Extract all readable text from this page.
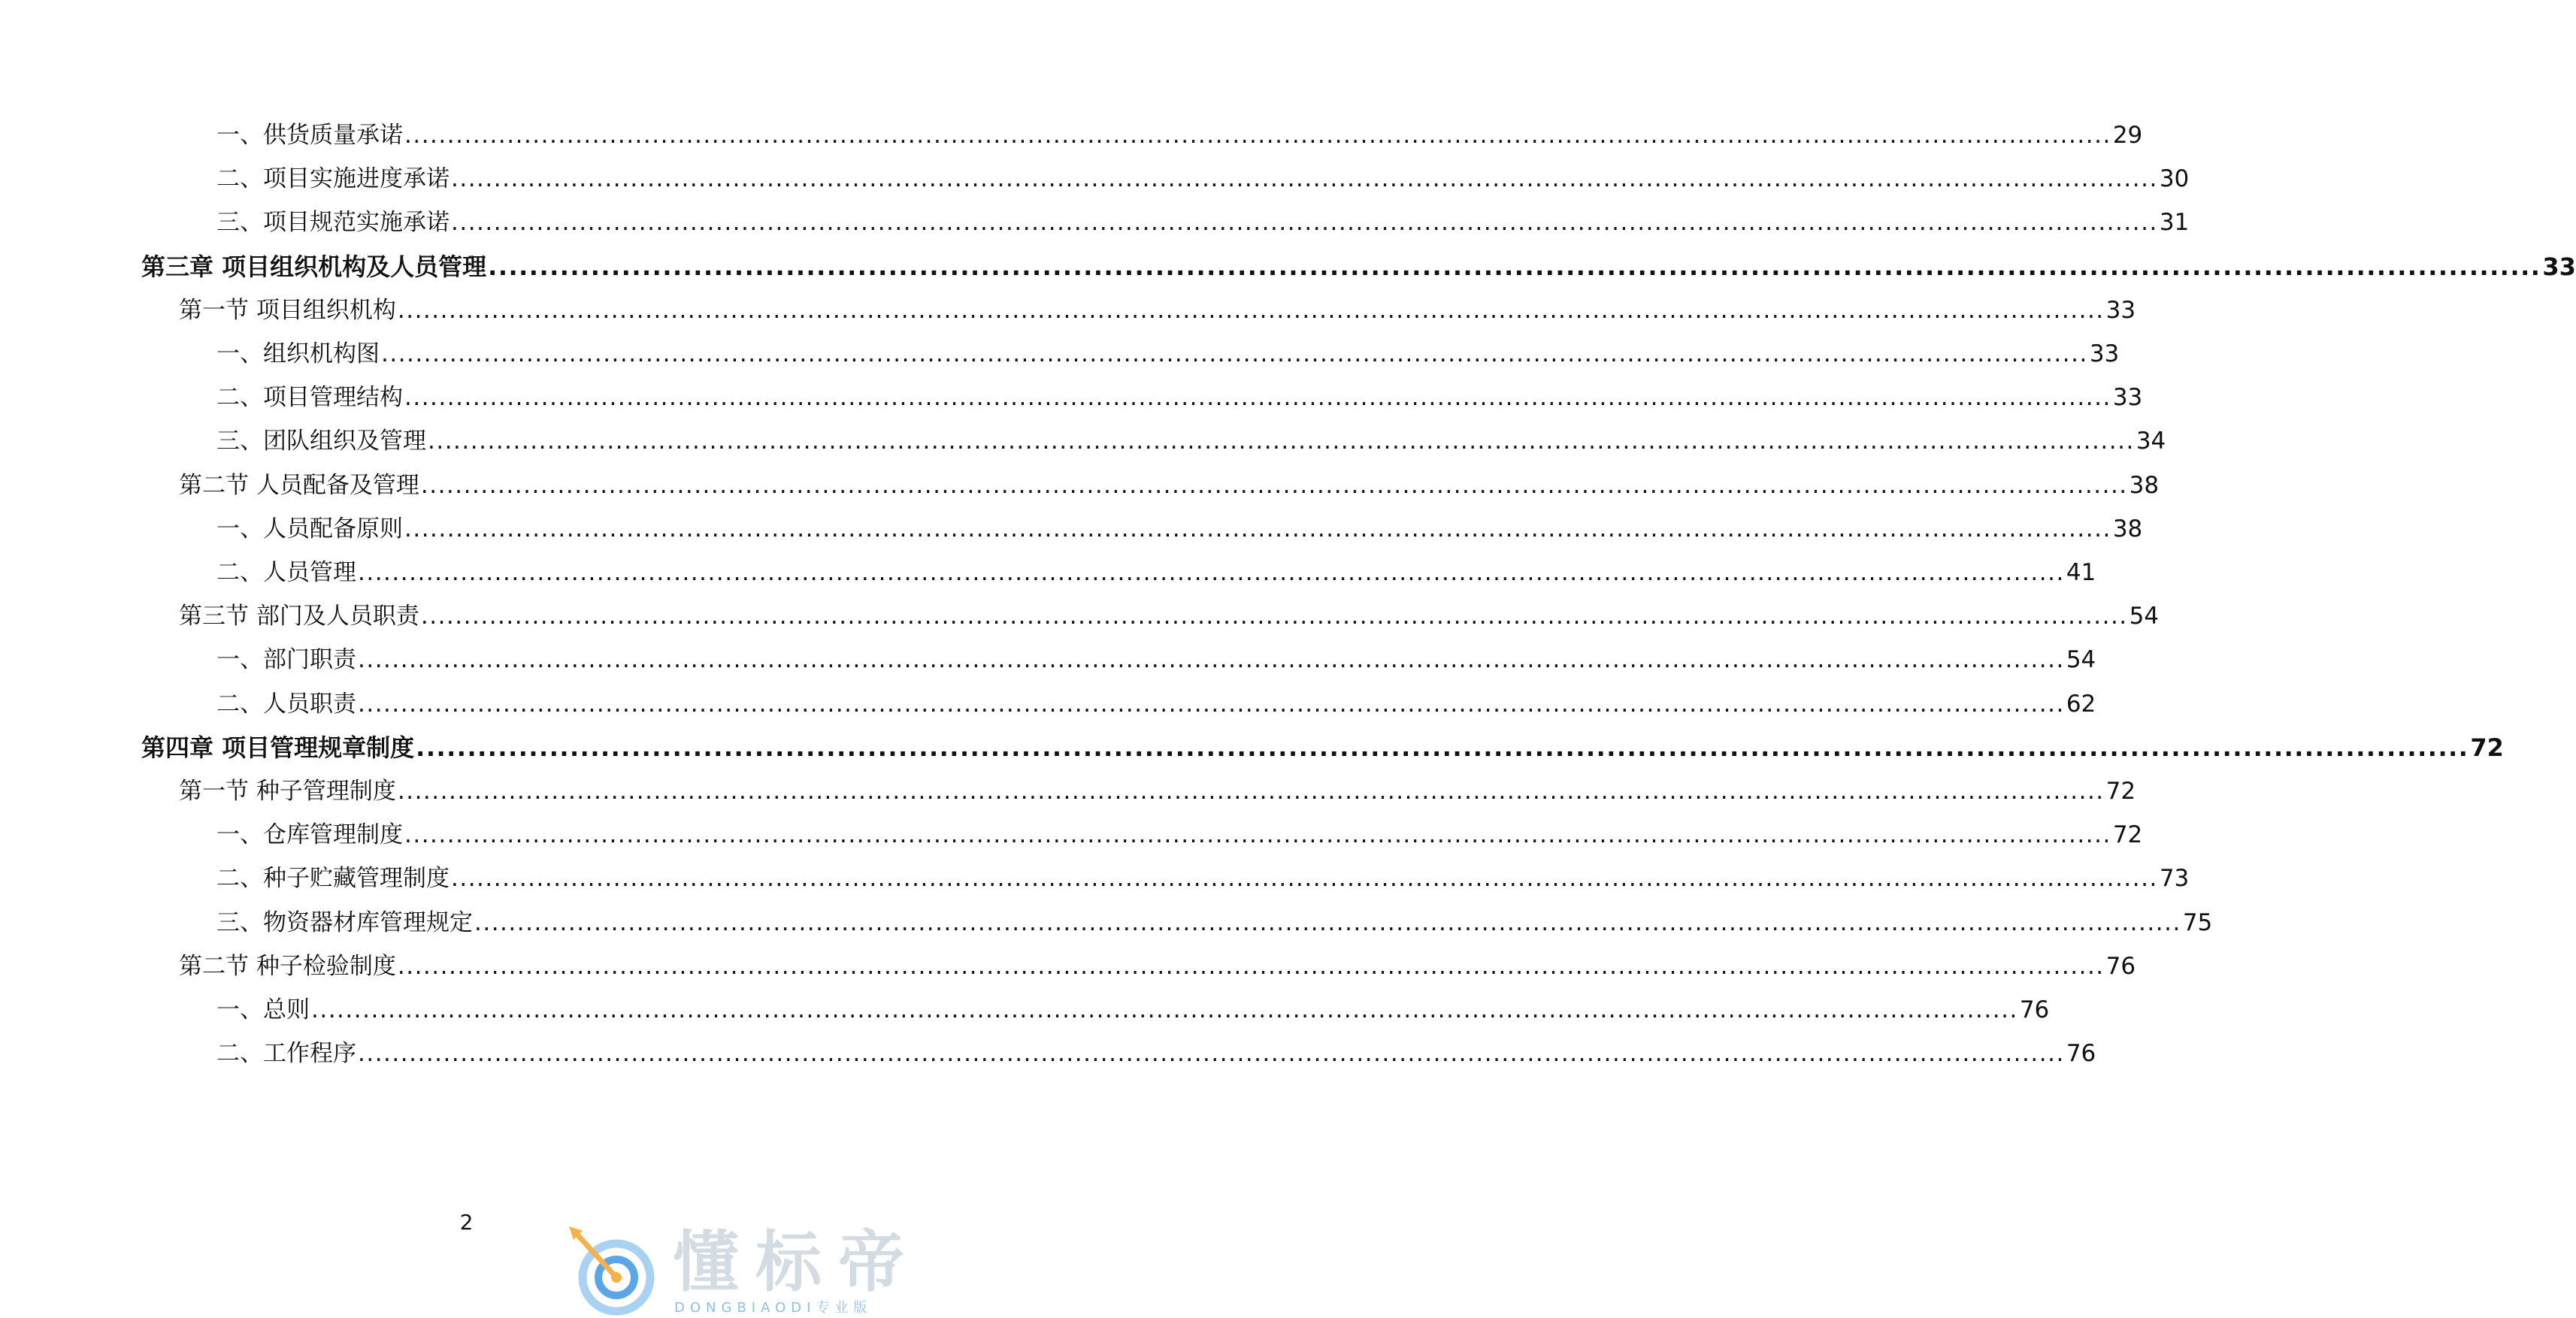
一、供货质量承诺 ........................................................................................................................................................................................................ 29
二、项目实施进度承诺 ........................................................................................................................................................................................................ 30
三、项目规范实施承诺 ........................................................................................................................................................................................................ 31
第三章 项目组织机构及人员管理 ........................................................................................................................................................................................................ 33
第一节 项目组织机构 ........................................................................................................................................................................................................ 33
一、组织机构图 ........................................................................................................................................................................................................ 33
二、项目管理结构 ........................................................................................................................................................................................................ 33
三、团队组织及管理 ........................................................................................................................................................................................................ 34
第二节 人员配备及管理 ........................................................................................................................................................................................................ 38
一、人员配备原则 ........................................................................................................................................................................................................ 38
二、人员管理 ........................................................................................................................................................................................................ 41
第三节 部门及人员职责 ........................................................................................................................................................................................................ 54
一、部门职责 ........................................................................................................................................................................................................ 54
二、人员职责 ........................................................................................................................................................................................................ 62
第四章 项目管理规章制度 ........................................................................................................................................................................................................ 72
第一节 种子管理制度 ........................................................................................................................................................................................................ 72
一、仓库管理制度 ........................................................................................................................................................................................................ 72
二、种子贮藏管理制度 ........................................................................................................................................................................................................ 73
三、物资器材库管理规定 ........................................................................................................................................................................................................ 75
第二节 种子检验制度 ........................................................................................................................................................................................................ 76
一、总则 ........................................................................................................................................................................................................ 76
二、工作程序 ........................................................................................................................................................................................................ 76
2
懂标帝
DONGBIAODI专业版
